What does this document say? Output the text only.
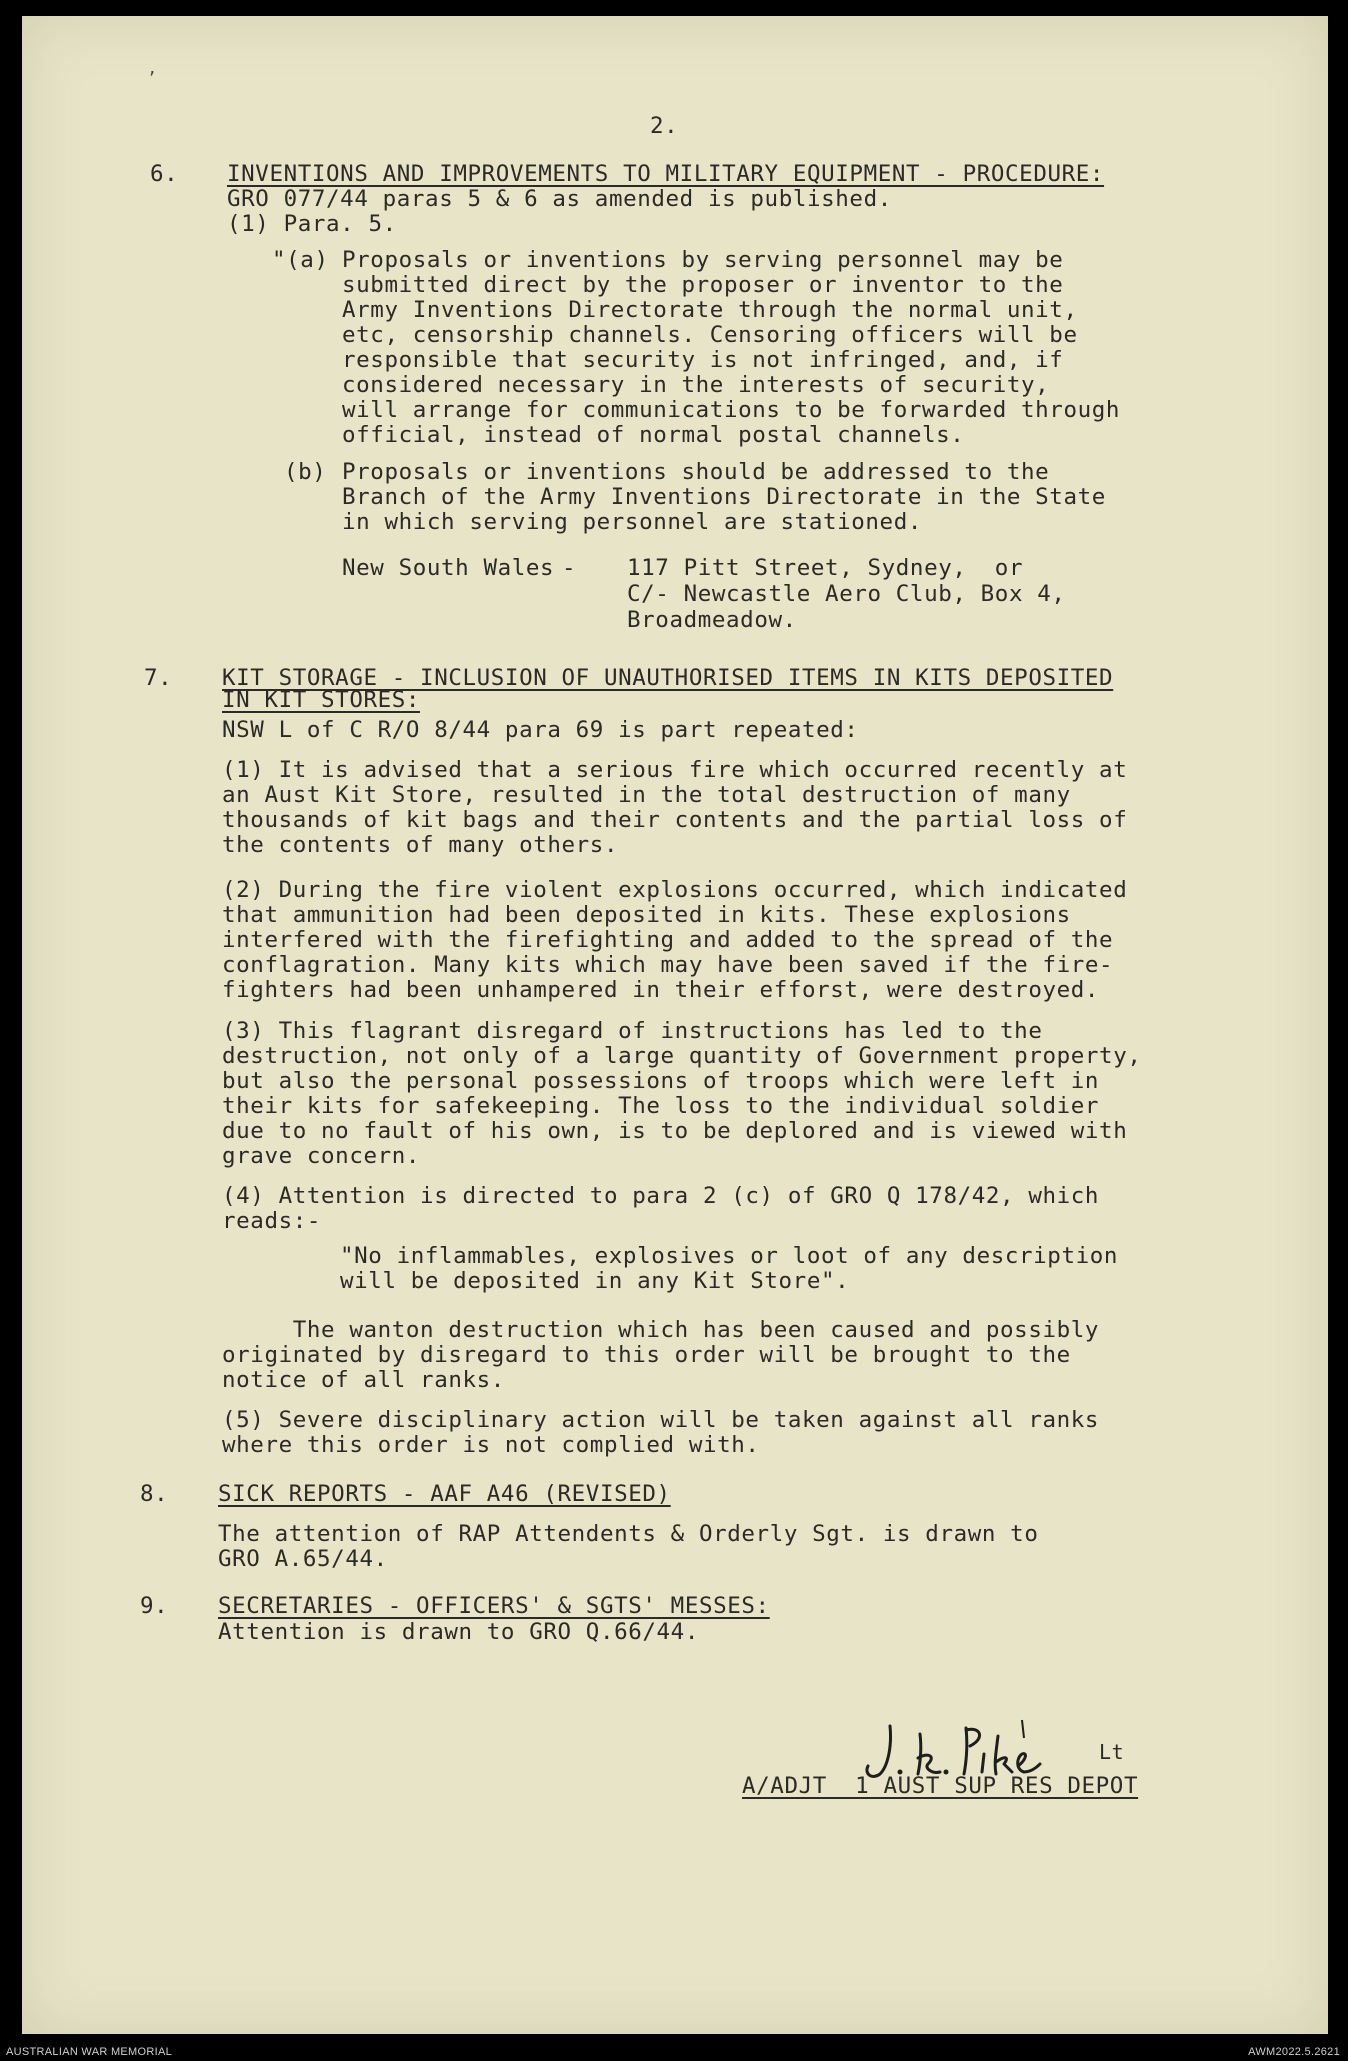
’
2.
6. INVENTIONS AND IMPROVEMENTS TO MILITARY EQUIPMENT - PROCEDURE:
GRO 077/44 paras 5 & 6 as amended is published.
(1) Para. 5.
"(a) Proposals or inventions by serving personnel may be
submitted direct by the proposer or inventor to the
Army Inventions Directorate through the normal unit,
etc, censorship channels. Censoring officers will be
responsible that security is not infringed, and, if
considered necessary in the interests of security,
will arrange for communications to be forwarded through
official, instead of normal postal channels.
(b) Proposals or inventions should be addressed to the
Branch of the Army Inventions Directorate in the State
in which serving personnel are stationed.
New South Wales - 117 Pitt Street, Sydney,  or
C/- Newcastle Aero Club, Box 4,
Broadmeadow.
7. KIT STORAGE - INCLUSION OF UNAUTHORISED ITEMS IN KITS DEPOSITED
IN KIT STORES:
NSW L of C R/O 8/44 para 69 is part repeated:
(1) It is advised that a serious fire which occurred recently at
an Aust Kit Store, resulted in the total destruction of many
thousands of kit bags and their contents and the partial loss of
the contents of many others.
(2) During the fire violent explosions occurred, which indicated
that ammunition had been deposited in kits. These explosions
interfered with the firefighting and added to the spread of the
conflagration. Many kits which may have been saved if the fire-
fighters had been unhampered in their efforst, were destroyed.
(3) This flagrant disregard of instructions has led to the
destruction, not only of a large quantity of Government property,
but also the personal possessions of troops which were left in
their kits for safekeeping. The loss to the individual soldier
due to no fault of his own, is to be deplored and is viewed with
grave concern.
(4) Attention is directed to para 2 (c) of GRO Q 178/42, which
reads:-
"No inflammables, explosives or loot of any description
will be deposited in any Kit Store".
The wanton destruction which has been caused and possibly
originated by disregard to this order will be brought to the
notice of all ranks.
(5) Severe disciplinary action will be taken against all ranks
where this order is not complied with.
8. SICK REPORTS - AAF A46 (REVISED)
The attention of RAP Attendents & Orderly Sgt. is drawn to
GRO A.65/44.
9. SECRETARIES - OFFICERS' & SGTS' MESSES:
Attention is drawn to GRO Q.66/44.
Lt
A/ADJT  1 AUST SUP RES DEPOT
AUSTRALIAN WAR MEMORIAL	AWM2022.5.2621
